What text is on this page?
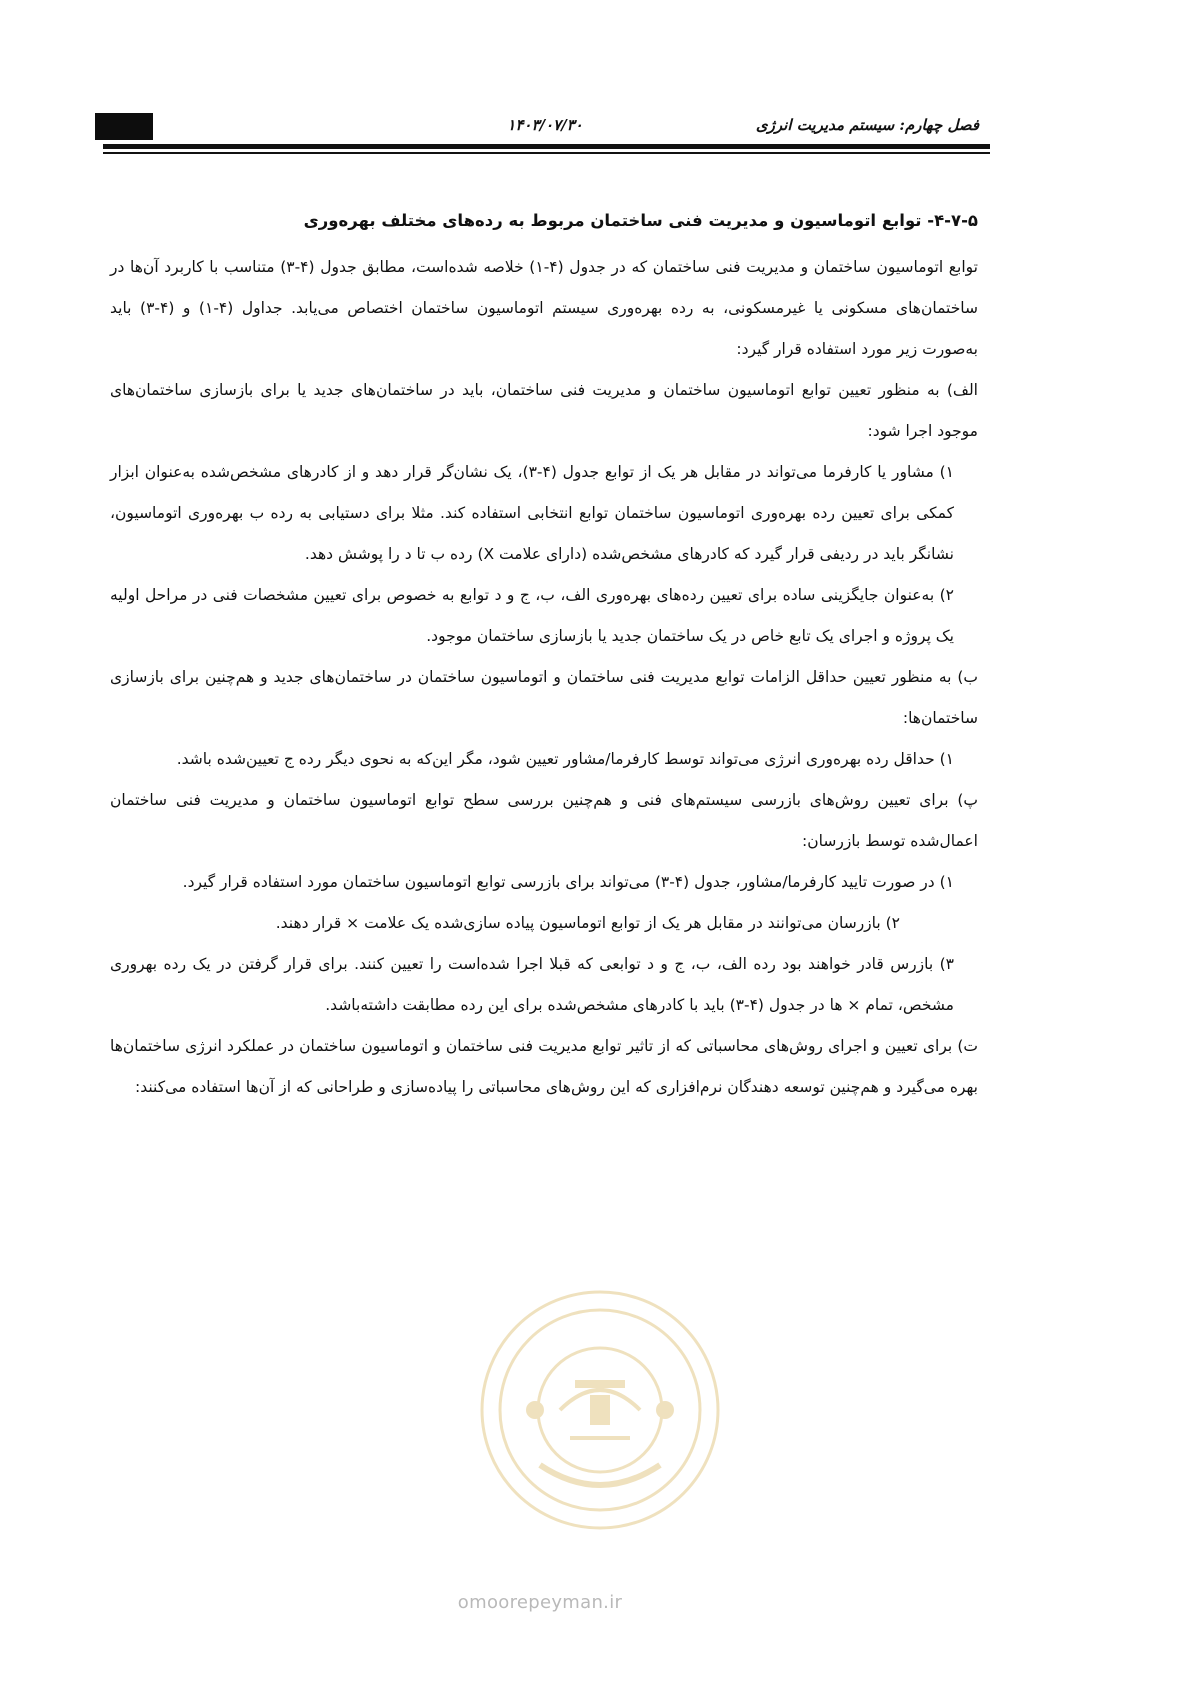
۱۴۰۳/۰۷/۳۰	فصل چهارم: سیستم مدیریت انرژی

۴-۷-۵- توابع اتوماسیون و مدیریت فنی ساختمان مربوط به رده‌های مختلف بهره‌وری

توابع اتوماسیون ساختمان و مدیریت فنی ساختمان که در جدول (۴-۱) خلاصه شده‌است، مطابق جدول (۴-۳) متناسب با کاربرد آن‌ها در ساختمان‌های مسکونی یا غیرمسکونی، به رده بهره‌وری سیستم اتوماسیون ساختمان اختصاص می‌یابد. جداول (۴-۱) و (۴-۳) باید به‌صورت زیر مورد استفاده قرار گیرد:

الف) به منظور تعیین توابع اتوماسیون ساختمان و مدیریت فنی ساختمان، باید در ساختمان‌های جدید یا برای بازسازی ساختمان‌های موجود اجرا شود:

۱) مشاور یا کارفرما می‌تواند در مقابل هر یک از توابع جدول (۴-۳)، یک نشان‌گر قرار دهد و از کادرهای مشخص‌شده به‌عنوان ابزار کمکی برای تعیین رده بهره‌وری اتوماسیون ساختمان توابع انتخابی استفاده کند. مثلا برای دستیابی به رده ب بهره‌وری اتوماسیون، نشانگر باید در ردیفی قرار گیرد که کادرهای مشخص‌شده (دارای علامت X) رده ب تا د را پوشش دهد.

۲) به‌عنوان جایگزینی ساده برای تعیین رده‌های بهره‌وری الف، ب، ج و د توابع به خصوص برای تعیین مشخصات فنی در مراحل اولیه یک پروژه و اجرای یک تابع خاص در یک ساختمان جدید یا بازسازی ساختمان موجود.

ب) به منظور تعیین حداقل الزامات توابع مدیریت فنی ساختمان و اتوماسیون ساختمان در ساختمان‌های جدید و هم‌چنین برای بازسازی ساختمان‌ها:

۱) حداقل رده بهره‌وری انرژی می‌تواند توسط کارفرما/مشاور تعیین شود، مگر این‌که به نحوی دیگر رده ج تعیین‌شده باشد.

پ) برای تعیین روش‌های بازرسی سیستم‌های فنی و هم‌چنین بررسی سطح توابع اتوماسیون ساختمان و مدیریت فنی ساختمان اعمال‌شده توسط بازرسان:

۱) در صورت تایید کارفرما/مشاور، جدول (۴-۳) می‌تواند برای بازرسی توابع اتوماسیون ساختمان مورد استفاده قرار گیرد.

۲) بازرسان می‌توانند در مقابل هر یک از توابع اتوماسیون پیاده سازی‌شده یک علامت × قرار دهند.

۳) بازرس قادر خواهند بود رده الف، ب، ج و د توابعی که قبلا اجرا شده‌است را تعیین کنند. برای قرار گرفتن در یک رده بهروری مشخص، تمام × ها در جدول (۴-۳) باید با کادرهای مشخص‌شده برای این رده مطابقت داشته‌باشد.

ت) برای تعیین و اجرای روش‌های محاسباتی که از تاثیر توابع مدیریت فنی ساختمان و اتوماسیون ساختمان در عملکرد انرژی ساختمان‌ها بهره می‌گیرد و هم‌چنین توسعه دهندگان نرم‌افزاری که این روش‌های محاسباتی را پیاده‌سازی و طراحانی که از آن‌ها استفاده می‌کنند:

omoorepeyman.ir
